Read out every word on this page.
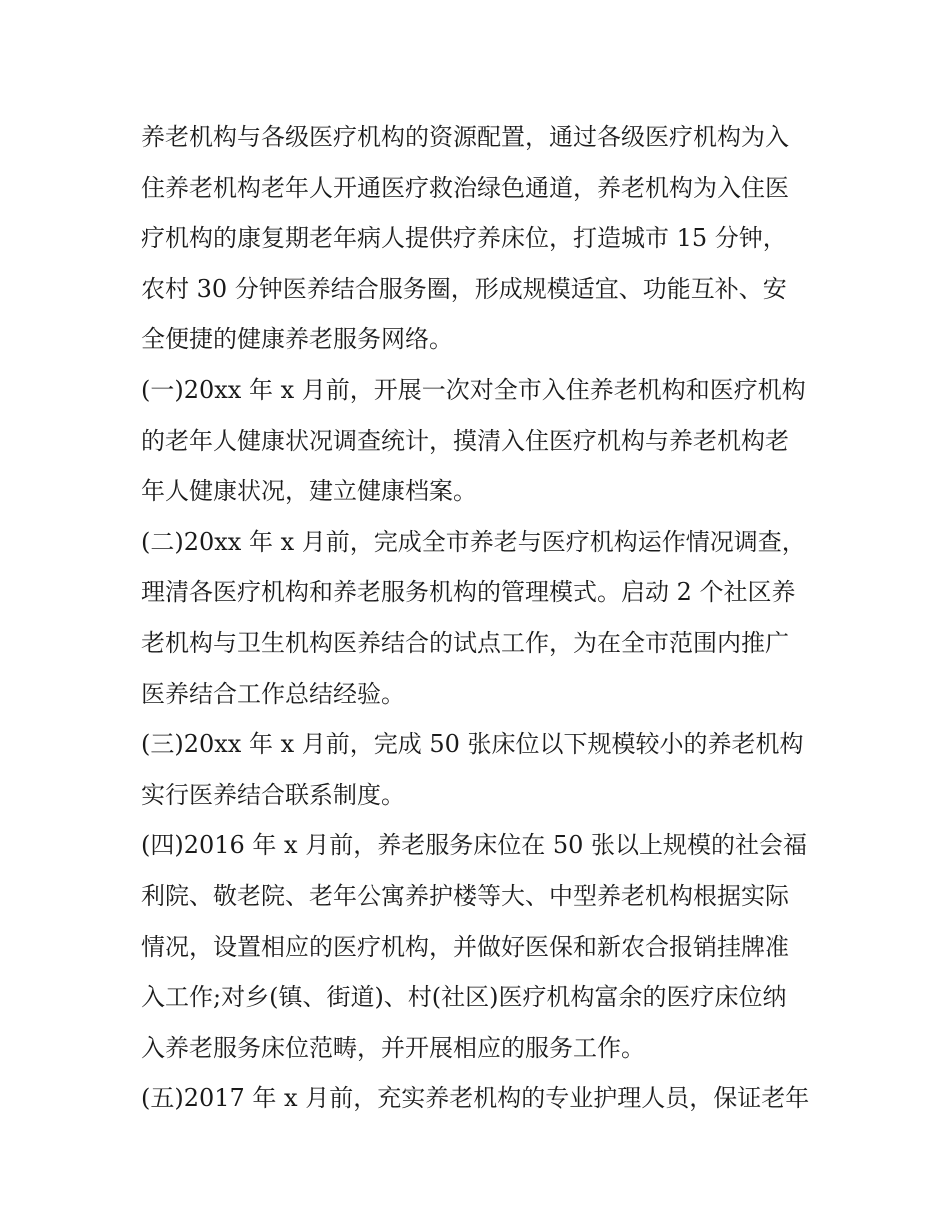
养老机构与各级医疗机构的资源配置，通过各级医疗机构为入
住养老机构老年人开通医疗救治绿色通道，养老机构为入住医
疗机构的康复期老年病人提供疗养床位，打造城市 15 分钟，
农村 30 分钟医养结合服务圈，形成规模适宜、功能互补、安
全便捷的健康养老服务网络。
(一)20xx 年 x 月前，开展一次对全市入住养老机构和医疗机构
的老年人健康状况调查统计，摸清入住医疗机构与养老机构老
年人健康状况，建立健康档案。
(二)20xx 年 x 月前，完成全市养老与医疗机构运作情况调查，
理清各医疗机构和养老服务机构的管理模式。启动 2 个社区养
老机构与卫生机构医养结合的试点工作，为在全市范围内推广
医养结合工作总结经验。
(三)20xx 年 x 月前，完成 50 张床位以下规模较小的养老机构
实行医养结合联系制度。
(四)2016 年 x 月前，养老服务床位在 50 张以上规模的社会福
利院、敬老院、老年公寓养护楼等大、中型养老机构根据实际
情况，设置相应的医疗机构，并做好医保和新农合报销挂牌准
入工作;对乡(镇、街道)、村(社区)医疗机构富余的医疗床位纳
入养老服务床位范畴，并开展相应的服务工作。
(五)2017 年 x 月前，充实养老机构的专业护理人员，保证老年
